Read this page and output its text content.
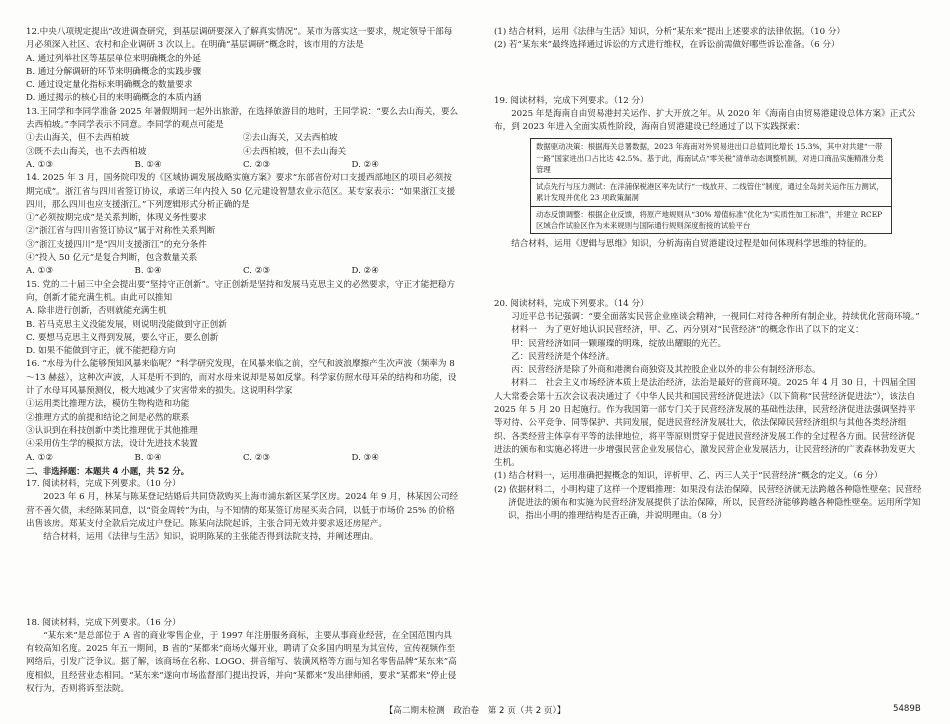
12.中央八项规定提出“改进调查研究，到基层调研要深入了解真实情况”。某市为落实这一要求，规定领导干部每月必须深入社区、农村和企业调研 3 次以上。在明确“基层调研”概念时，该市用的方法是

A. 通过列举社区等基层单位来明确概念的外延

B. 通过分解调研的环节来明确概念的实践步骤

C. 通过设定量化指标来明确概念的数量要求

D. 通过揭示的核心目的来明确概念的本质内涵

13.王同学和李同学准备 2025 年暑假期间一起外出旅游，在选择旅游目的地时，王同学说：“要么去山海关，要么去西柏坡。”李同学表示不同意。李同学的观点可能是

①去山海关，但不去西柏坡	②去山海关，又去西柏坡
③既不去山海关，也不去西柏坡	④去西柏坡，但不去山海关
A. ①③	B. ①④	C. ②③	D. ②④

14. 2025 年 3 月，国务院印发的《区域协调发展战略实施方案》要求“东部省份对口支援西部地区的项目必须按期完成”。浙江省与四川省签订协议，承诺三年内投入 50 亿元建设智慧农业示范区。某专家表示：“如果浙江支援四川，那么四川也应支援浙江。”下列逻辑形式分析正确的是

①“必须按期完成”是关系判断，体现义务性要求

②“浙江省与四川省签订协议”属于对称性关系判断

③“浙江支援四川”是“四川支援浙江”的充分条件

④“投入 50 亿元”是复合判断，包含数量关系

A. ①③	B. ①④	C. ②③	D. ②④

15. 党的二十届三中全会提出要“坚持守正创新”。守正创新是坚持和发展马克思主义的必然要求，守正才能把稳方向，创新才能充满生机。由此可以推知

A. 除非进行创新，否则就能充满生机

B. 若马克思主义没能发展，则说明没能做到守正创新

C. 要想马克思主义得到发展，要么守正，要么创新

D. 如果不能做到守正，就不能把稳方向

16. “水母为什么能够预知风暴来临呢？”科学研究发现，在风暴来临之前，空气和波浪摩擦产生次声波（频率为 8～13 赫兹），这种次声波，人耳是听不到的，而对水母来说却是易如反掌。科学家仿照水母耳朵的结构和功能，设计了水母耳风暴预测仪，极大地减少了灾害带来的损失。这说明科学家

①运用类比推理方法，模仿生物构造和功能

②推理方式的前提和结论之间是必然的联系

③认识到在科技创新中类比推理优于其他推理

④采用仿生学的模拟方法，设计先进技术装置

A. ①②	B. ①④	C. ②③	D. ③④

二、非选择题：本题共 4 小题，共 52 分。

17. 阅读材料，完成下列要求。（10 分）

2023 年 6 月，林某与陈某登记结婚后共同贷款购买上海市浦东新区某学区房。2024 年 9 月，林某因公司经营不善欠债，未经陈某同意，以“资金周转”为由，与不知情的郑某签订房屋买卖合同，以低于市场价 25% 的价格出售该房。郑某支付全款后完成过户登记。陈某向法院起诉，主张合同无效并要求返还房屋产。

结合材料，运用《法律与生活》知识，说明陈某的主张能否得到法院支持，并阐述理由。

18. 阅读材料，完成下列要求。（16 分）

“某东来”是总部位于 A 省的商业零售企业，于 1997 年注册服务商标，主要从事商业经营，在全国范围内具有较高知名度。2025 年五一期间，B 省的“某都来”商场火爆开业，聘请了众多国内明星为其宣传，宣传视频作至网络后，引发广泛争议。据了解，该商场在名称、LOGO、拼音缩写、装潢风格等方面与知名零售品牌“某东来”高度相似，且经营业态相同。“某东来”遂向市场监督部门提出投诉，并向“某都来”发出律师函，要求“某都来”停止侵权行为，否则将诉至法院。

(1) 结合材料，运用《法律与生活》知识，分析“某东来”提出上述要求的法律依据。（10 分）

(2) 若“某东来”最终选择通过诉讼的方式进行维权，在诉讼前需做好哪些诉讼准备。（6 分）

19. 阅读材料，完成下列要求。（12 分）

2025 年是海南自由贸易港封关运作、扩大开放之年。从 2020 年《海南自由贸易港建设总体方案》正式公布，到 2023 年进入全面实质性阶段，海南自贸港建设已经通过了以下实践探索：

数据驱动决策：根据海关总署数据，2023 年海南对外贸易进出口总值同比增长 15.3%，其中对共建“一带一路”国家进出口占比达 42.5%。基于此，海南试点“零关税”清单动态调整机制，对进口商品实施精准分类管理
试点先行与压力测试：在洋浦保税港区率先试行“一线放开、二线管住”制度，通过全岛封关运作压力测试，累计发现并优化 23 项政策漏洞
动态反馈调整：根据企业反馈，将原产地规则从“30% 增值标准”优化为“实质性加工标准”，并建立 RCEP 区域合作试验区作为未来规则与国际通行规则深度衔接的试验平台

结合材料，运用《逻辑与思维》知识，分析海南自贸港建设过程是如何体现科学思维的特征的。

20. 阅读材料，完成下列要求。（14 分）

习近平总书记强调：“要全面落实民营企业座谈会精神，一视同仁对待各种所有制企业，持续优化营商环境。”

材料一　为了更好地认识民营经济，甲、乙、丙分别对“民营经济”的概念作出了以下的定义：

甲：民营经济如同一颗璀璨的明珠，绽放出耀眼的光芒。

乙：民营经济是个体经济。

丙：民营经济是除了外商和港澳台商独资及其控股企业以外的非公有制经济形态。

材料二　社会主义市场经济本质上是法治经济，法治是最好的营商环境。2025 年 4 月 30 日，十四届全国人大常委会第十五次会议表决通过了《中华人民共和国民营经济促进法》（以下简称“民营经济促进法”），该法自 2025 年 5 月 20 日起施行。作为我国第一部专门关于民营经济发展的基础性法律，民营经济促进法强调坚持平等对待、公平竞争、同等保护、共同发展，促进民营经济发展壮大，依法保障民营经济组织与其他各类经济组织、各类经营主体享有平等的法律地位，将平等原则贯穿于促进民营经济发展工作的全过程各方面。民营经济促进法的颁布和实施必将进一步增强民营企业发展信心，激发民营企业发展活力，让民营经济的广袤森林勃发更大生机。

(1) 结合材料一，运用准确把握概念的知识，评析甲、乙、丙三人关于“民营经济”概念的定义。（6 分）

(2) 依据材料二，小明构建了这样一个逻辑推理：如果没有法治保障，民营经济就无法跨越各种隐性壁垒；民营经济促进法的颁布和实施为民营经济发展提供了法治保障，所以，民营经济能够跨越各种隐性壁垒。运用所学知识，指出小明的推理结构是否正确，并说明理由。（8 分）

【高二期末检测　政治卷　第 2 页（共 2 页）】	5489B
